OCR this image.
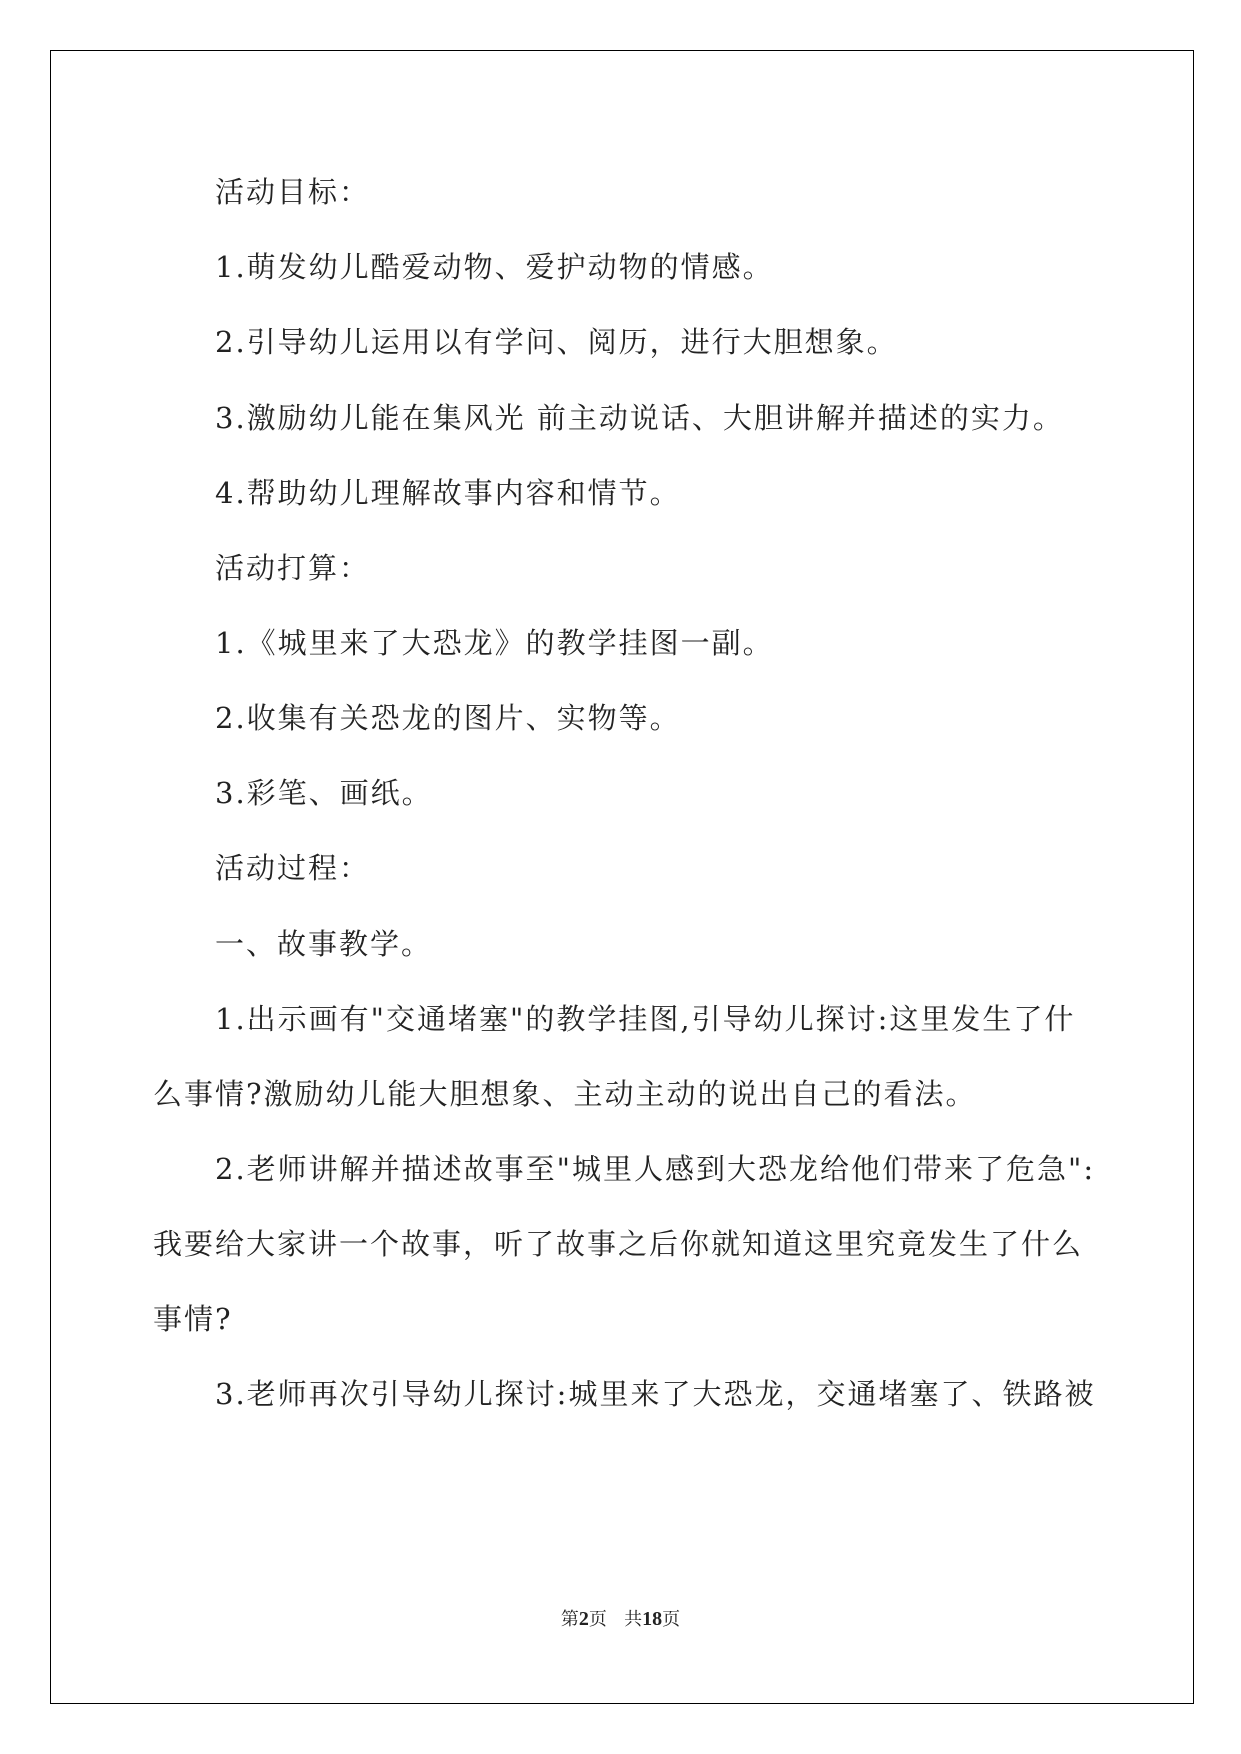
活动目标：
1.萌发幼儿酷爱动物、爱护动物的情感。
2.引导幼儿运用以有学问、阅历，进行大胆想象。
3.激励幼儿能在集风光 前主动说话、大胆讲解并描述的实力。
4.帮助幼儿理解故事内容和情节。
活动打算：
1.《城里来了大恐龙》的教学挂图一副。
2.收集有关恐龙的图片、实物等。
3.彩笔、画纸。
活动过程：
一、故事教学。
1.出示画有"交通堵塞"的教学挂图,引导幼儿探讨:这里发生了什
么事情?激励幼儿能大胆想象、主动主动的说出自己的看法。
2.老师讲解并描述故事至"城里人感到大恐龙给他们带来了危急":
我要给大家讲一个故事，听了故事之后你就知道这里究竟发生了什么
事情?
3.老师再次引导幼儿探讨:城里来了大恐龙，交通堵塞了、铁路被
第2页 共18页
